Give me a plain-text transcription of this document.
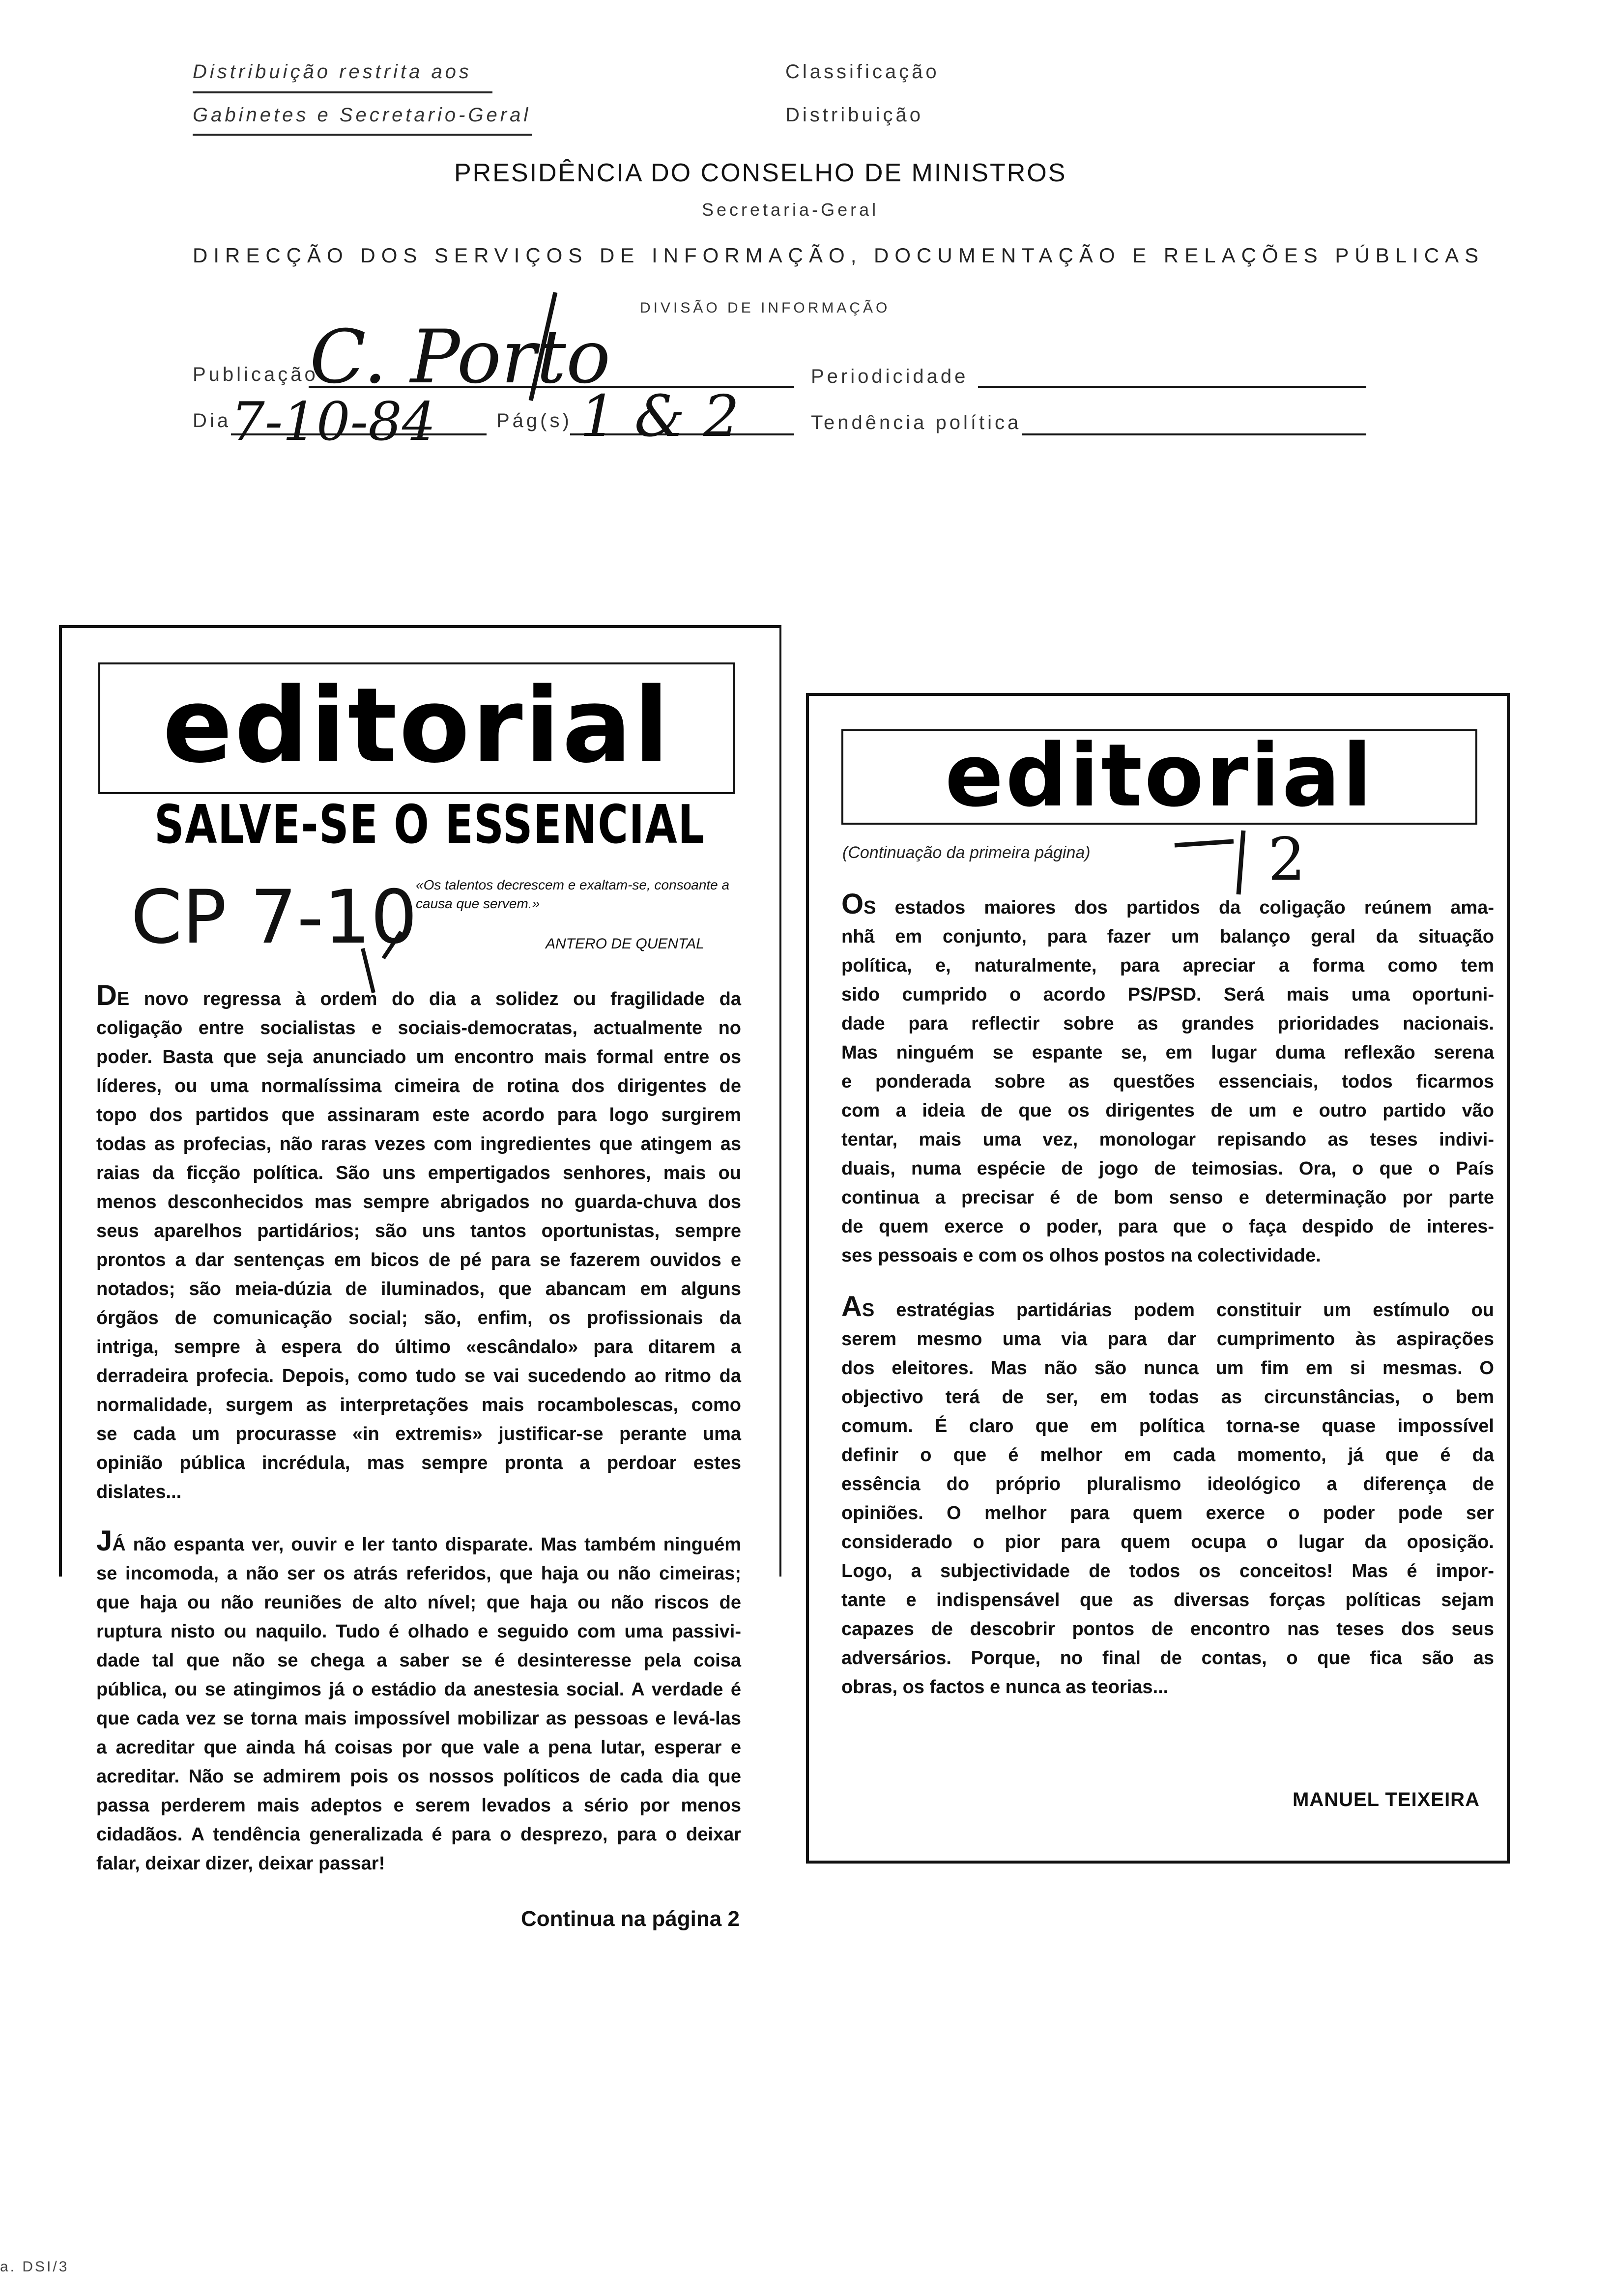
Distribuição restrita aos
Gabinetes e Secretario-Geral
Classificação
Distribuição
PRESIDÊNCIA DO CONSELHO DE MINISTROS
Secretaria-Geral
DIRECÇÃO DOS SERVIÇOS DE INFORMAÇÃO, DOCUMENTAÇÃO E RELAÇÕES PÚBLICAS
DIVISÃO DE INFORMAÇÃO
Publicação
C. Porto
Dia 7-10-84	Pág(s) 1 & 2
Periodicidade
Tendência política
editorial
SALVE-SE O ESSENCIAL
CP 7-10
«Os talentos decrescem e exaltam-se, consoante a causa que servem.»
ANTERO DE QUENTAL

DE novo regressa à ordem do dia a solidez ou fragilidade da

coligação entre socialistas e sociais-democratas, actualmente no

poder. Basta que seja anunciado um encontro mais formal entre os

líderes, ou uma normalíssima cimeira de rotina dos dirigentes de

topo dos partidos que assinaram este acordo para logo surgirem

todas as profecias, não raras vezes com ingredientes que atingem as

raias da ficção política. São uns empertigados senhores, mais ou

menos desconhecidos mas sempre abrigados no guarda-chuva dos

seus aparelhos partidários; são uns tantos oportunistas, sempre

prontos a dar sentenças em bicos de pé para se fazerem ouvidos e

notados; são meia-dúzia de iluminados, que abancam em alguns

órgãos de comunicação social; são, enfim, os profissionais da

intriga, sempre à espera do último «escândalo» para ditarem a

derradeira profecia. Depois, como tudo se vai sucedendo ao ritmo da

normalidade, surgem as interpretações mais rocambolescas, como

se cada um procurasse «in extremis» justificar-se perante uma

opinião pública incrédula, mas sempre pronta a perdoar estes

dislates...

JÁ não espanta ver, ouvir e ler tanto disparate. Mas também ninguém

se incomoda, a não ser os atrás referidos, que haja ou não cimeiras;

que haja ou não reuniões de alto nível; que haja ou não riscos de

ruptura nisto ou naquilo. Tudo é olhado e seguido com uma passivi-

dade tal que não se chega a saber se é desinteresse pela coisa

pública, ou se atingimos já o estádio da anestesia social. A verdade é

que cada vez se torna mais impossível mobilizar as pessoas e levá-las

a acreditar que ainda há coisas por que vale a pena lutar, esperar e

acreditar. Não se admirem pois os nossos políticos de cada dia que

passa perderem mais adeptos e serem levados a sério por menos

cidadãos. A tendência generalizada é para o desprezo, para o deixar

falar, deixar dizer, deixar passar!

Continua na página 2
editorial
(Continuação da primeira página)	2

OS estados maiores dos partidos da coligação reúnem ama-

nhã em conjunto, para fazer um balanço geral da situação

política, e, naturalmente, para apreciar a forma como tem

sido cumprido o acordo PS/PSD. Será mais uma oportuni-

dade para reflectir sobre as grandes prioridades nacionais.

Mas ninguém se espante se, em lugar duma reflexão serena

e ponderada sobre as questões essenciais, todos ficarmos

com a ideia de que os dirigentes de um e outro partido vão

tentar, mais uma vez, monologar repisando as teses indivi-

duais, numa espécie de jogo de teimosias. Ora, o que o País

continua a precisar é de bom senso e determinação por parte

de quem exerce o poder, para que o faça despido de interes-

ses pessoais e com os olhos postos na colectividade.

AS estratégias partidárias podem constituir um estímulo ou

serem mesmo uma via para dar cumprimento às aspirações

dos eleitores. Mas não são nunca um fim em si mesmas. O

objectivo terá de ser, em todas as circunstâncias, o bem

comum. É claro que em política torna-se quase impossível

definir o que é melhor em cada momento, já que é da

essência do próprio pluralismo ideológico a diferença de

opiniões. O melhor para quem exerce o poder pode ser

considerado o pior para quem ocupa o lugar da oposição.

Logo, a subjectividade de todos os conceitos! Mas é impor-

tante e indispensável que as diversas forças políticas sejam

capazes de descobrir pontos de encontro nas teses dos seus

adversários. Porque, no final de contas, o que fica são as

obras, os factos e nunca as teorias...

MANUEL TEIXEIRA
a. DSI/3
